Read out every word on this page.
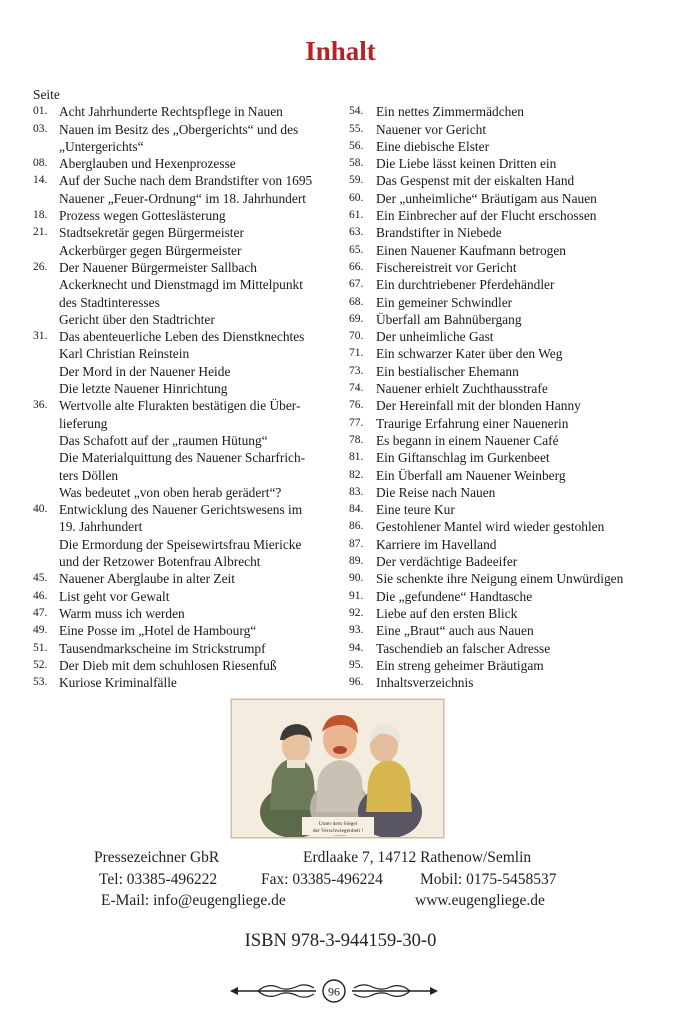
Inhalt
Seite
01. Acht Jahrhunderte Rechtspflege in Nauen
03. Nauen im Besitz des „Obergerichts“ und des
„Untergerichts“
08. Aberglauben und Hexenprozesse
14. Auf der Suche nach dem Brandstifter von 1695
Nauener „Feuer-Ordnung“ im 18. Jahrhundert
18. Prozess wegen Gotteslästerung
21. Stadtsekretär gegen Bürgermeister
Ackerbürger gegen Bürgermeister
26. Der Nauener Bürgermeister Sallbach
Ackerknecht und Dienstmagd im Mittelpunkt
des Stadtinteresses
Gericht über den Stadtrichter
31. Das abenteuerliche Leben des Dienstknechtes
Karl Christian Reinstein
Der Mord in der Nauener Heide
Die letzte Nauener Hinrichtung
36. Wertvolle alte Flurakten bestätigen die Über-
lieferung
Das Schafott auf der „raumen Hütung“
Die Materialquittung des Nauener Scharfrich-
ters Döllen
Was bedeutet „von oben herab gerädert“?
40. Entwicklung des Nauener Gerichtswesens im
19. Jahrhundert
Die Ermordung der Speisewirtsfrau Miericke
und der Retzower Botenfrau Albrecht
45. Nauener Aberglaube in alter Zeit
46. List geht vor Gewalt
47. Warm muss ich werden
49. Eine Posse im „Hotel de Hambourg“
51. Tausendmarkscheine im Strickstrumpf
52. Der Dieb mit dem schuhlosen Riesenfuß
53. Kuriose Kriminalfälle
54. Ein nettes Zimmermädchen
55. Nauener vor Gericht
56. Eine diebische Elster
58. Die Liebe lässt keinen Dritten ein
59. Das Gespenst mit der eiskalten Hand
60. Der „unheimliche“ Bräutigam aus Nauen
61. Ein Einbrecher auf der Flucht erschossen
63. Brandstifter in Niebede
65. Einen Nauener Kaufmann betrogen
66. Fischereistreit vor Gericht
67. Ein durchtriebener Pferdehändler
68. Ein gemeiner Schwindler
69. Überfall am Bahnübergang
70. Der unheimliche Gast
71. Ein schwarzer Kater über den Weg
73. Ein bestialischer Ehemann
74. Nauener erhielt Zuchthausstrafe
76. Der Hereinfall mit der blonden Hanny
77. Traurige Erfahrung einer Nauenerin
78. Es begann in einem Nauener Café
81. Ein Giftanschlag im Gurkenbeet
82. Ein Überfall am Nauener Weinberg
83. Die Reise nach Nauen
84. Eine teure Kur
86. Gestohlener Mantel wird wieder gestohlen
87. Karriere im Havelland
89. Der verdächtige Badeeifer
90. Sie schenkte ihre Neigung einem Unwürdigen
91. Die „gefundene“ Handtasche
92. Liebe auf den ersten Blick
93. Eine „Braut“ auch aus Nauen
94. Taschendieb an falscher Adresse
95. Ein streng geheimer Bräutigam
96. Inhaltsverzeichnis
Unter dem Siegel
der Verschwiegenheit !
Pressezeichner GbR	Erdlaake 7, 14712 Rathenow/Semlin
Tel: 03385-496222	Fax: 03385-496224 Mobil: 0175-5458537
E-Mail: info@eugengliege.de	www.eugengliege.de
ISBN 978-3-944159-30-0
96
